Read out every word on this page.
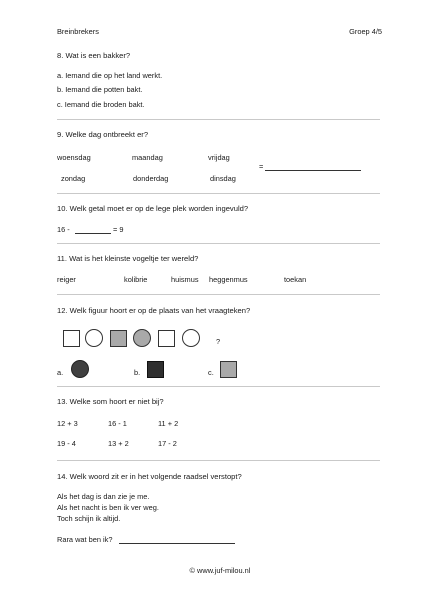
Breinbrekers	Groep 4/5
8. Wat is een bakker?
a. Iemand die op het land werkt.
b. Iemand die potten bakt.
c. Iemand die broden bakt.
9. Welke dag ontbreekt er?
woensdag	maandag	vrijdag
=
zondag	donderdag	dinsdag
10. Welk getal moet er op de lege plek worden ingevuld?
16 -	= 9
11. Wat is het kleinste vogeltje ter wereld?
reiger	kolibrie	huismus heggenmus	toekan
12. Welk figuur hoort er op de plaats van het vraagteken?
?
a.	b.	c.
13. Welke som hoort er niet bij?
12 + 3	16 - 1	11 + 2
19 - 4	13 + 2	17 - 2
14. Welk woord zit er in het volgende raadsel verstopt?
Als het dag is dan zie je me.
Als het nacht is ben ik ver weg.
Toch schijn ik altijd.
Rara wat ben ik?
© www.juf-milou.nl
